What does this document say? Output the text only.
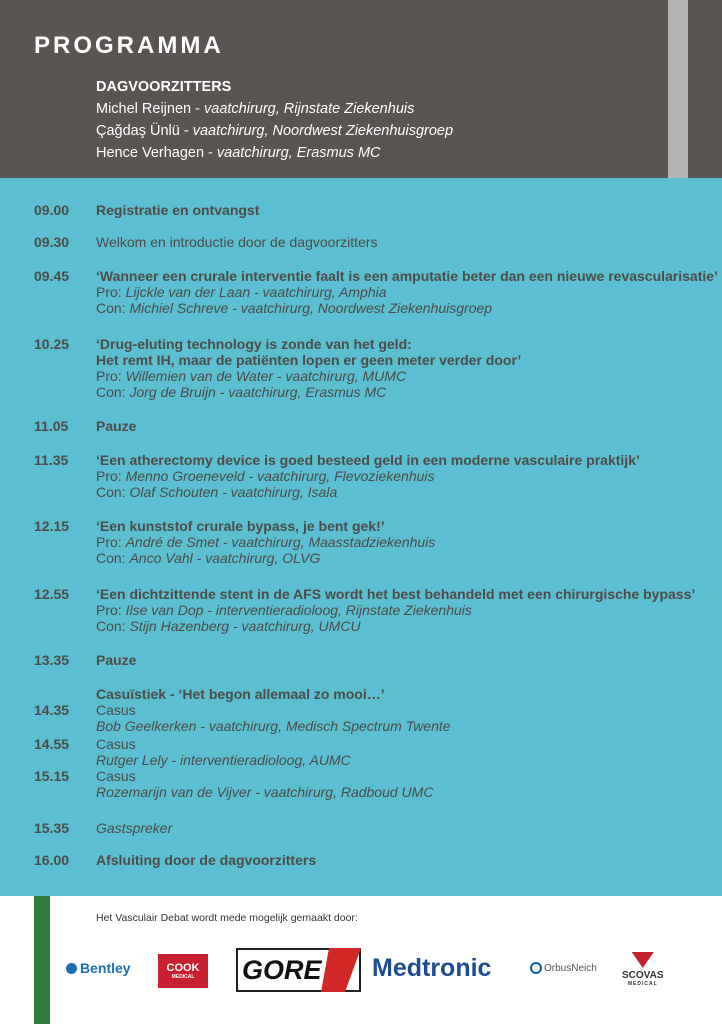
PROGRAMMA
DAGVOORZITTERS
Michel Reijnen - vaatchirurg, Rijnstate Ziekenhuis
Çağdaş Ünlü - vaatchirurg, Noordwest Ziekenhuisgroep
Hence Verhagen - vaatchirurg, Erasmus MC
09.00 Registratie en ontvangst
09.30 Welkom en introductie door de dagvoorzitters
09.45 ‘Wanneer een crurale interventie faalt is een amputatie beter dan een nieuwe revascularisatie’
Pro: Lijckle van der Laan - vaatchirurg, Amphia
Con: Michiel Schreve - vaatchirurg, Noordwest Ziekenhuisgroep
10.25 ‘Drug-eluting technology is zonde van het geld:
Het remt IH, maar de patiënten lopen er geen meter verder door’
Pro: Willemien van de Water - vaatchirurg, MUMC
Con: Jorg de Bruijn - vaatchirurg, Erasmus MC
11.05 Pauze
11.35 ‘Een atherectomy device is goed besteed geld in een moderne vasculaire praktijk’
Pro: Menno Groeneveld - vaatchirurg, Flevoziekenhuis
Con: Olaf Schouten - vaatchirurg, Isala
12.15 ‘Een kunststof crurale bypass, je bent gek!’
Pro: André de Smet - vaatchirurg, Maasstadziekenhuis
Con: Anco Vahl - vaatchirurg, OLVG
12.55 ‘Een dichtzittende stent in de AFS wordt het best behandeld met een chirurgische bypass’
Pro: Ilse van Dop - interventieradioloog, Rijnstate Ziekenhuis
Con: Stijn Hazenberg - vaatchirurg, UMCU
13.35 Pauze
Casuïstiek - ‘Het begon allemaal zo mooi…’
14.35 Casus
Bob Geelkerken - vaatchirurg, Medisch Spectrum Twente
14.55 Casus
Rutger Lely - interventieradioloog, AUMC
15.15 Casus
Rozemarijn van de Vijver - vaatchirurg, Radboud UMC
15.35 Gastspreker
16.00 Afsluiting door de dagvoorzitters
Het Vasculair Debat wordt mede mogelijk gemaakt door:
Bentley	COOK
MEDICAL GORE Medtronic	OrbusNeich
SCOVAS
MEDICAL
